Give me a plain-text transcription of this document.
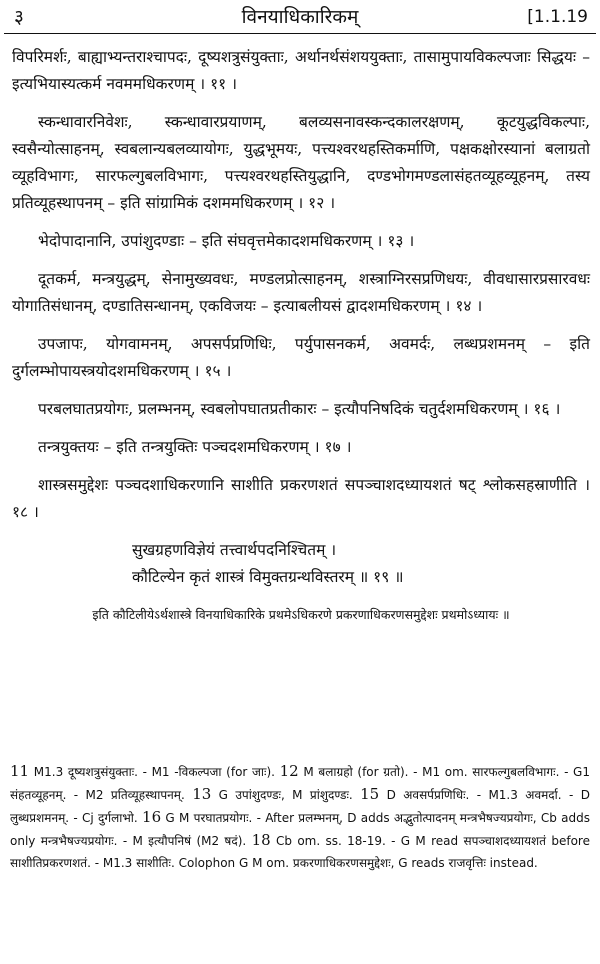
३	विनयाधिकारिकम्	[1.1.19

विपरिमर्शः, बाह्याभ्यन्तराश्चापदः, दूष्यशत्रुसंयुक्ताः, अर्थानर्थसंशययुक्ताः, तासामुपायविकल्पजाः सिद्धयः – इत्यभियास्यत्कर्म नवममधिकरणम् । ११ ।

स्कन्धावारनिवेशः, स्कन्धावारप्रयाणम्, बलव्यसनावस्कन्दकालरक्षणम्, कूटयुद्धविकल्पाः, स्वसैन्योत्साहनम्, स्वबलान्यबलव्यायोगः, युद्धभूमयः, पत्त्यश्वरथहस्तिकर्माणि, पक्षकक्षोरस्यानां बलाग्रतो व्यूहविभागः, सारफल्गुबलविभागः, पत्त्यश्वरथहस्तियुद्धानि, दण्डभोगमण्डलासंहतव्यूहव्यूहनम्, तस्य प्रतिव्यूहस्थापनम् – इति सांग्रामिकं दशममधिकरणम् । १२ ।

भेदोपादानानि, उपांशुदण्डाः – इति संघवृत्तमेकादशमधिकरणम् । १३ ।

दूतकर्म, मन्त्रयुद्धम्, सेनामुख्यवधः, मण्डलप्रोत्साहनम्, शस्त्राग्निरसप्रणिधयः, वीवधासारप्रसारवधः योगातिसंधानम्, दण्डातिसन्धानम्, एकविजयः – इत्याबलीयसं द्वादशमधिकरणम् । १४ ।

उपजापः, योगवामनम्, अपसर्पप्रणिधिः, पर्युपासनकर्म, अवमर्दः, लब्धप्रशमनम् – इति दुर्गलम्भोपायस्त्रयोदशमधिकरणम् । १५ ।

परबलघातप्रयोगः, प्रलम्भनम्, स्वबलोपघातप्रतीकारः – इत्यौपनिषदिकं चतुर्दशमधिकरणम् । १६ ।

तन्त्रयुक्तयः – इति तन्त्रयुक्तिः पञ्चदशमधिकरणम् । १७ ।

शास्त्रसमुद्देशः पञ्चदशाधिकरणानि साशीति प्रकरणशतं सपञ्चाशदध्यायशतं षट् श्लोकसहस्राणीति । १८ ।

सुखग्रहणविज्ञेयं तत्त्वार्थपदनिश्चितम् ।
कौटिल्येन कृतं शास्त्रं विमुक्तग्रन्थविस्तरम् ॥ १९ ॥
इति कौटिलीयेऽर्थशास्त्रे विनयाधिकारिके प्रथमेऽधिकरणे प्रकरणाधिकरणसमुद्देशः प्रथमोऽध्यायः ॥

11 M1.3 दूष्यशत्रुसंयुक्ताः. - M1 -विकल्पजा (for जाः). 12 M बलाग्रहो (for ग्रतो). - M1 om. सारफल्गुबलविभागः. - G1 संहतव्यूहनम्. - M2 प्रतिव्यूहस्थापनम्. 13 G उपांशुदण्डः, M प्रांशुदण्डः. 15 D अवसर्पप्रणिधिः. - M1.3 अवमर्दा. - D लुब्धप्रशमनम्. - Cj दुर्गलाभो. 16 G M परघातप्रयोगः. - After प्रलम्भनम्, D adds अद्भुतोत्पादनम् मन्त्रभैषज्यप्रयोगः, Cb adds only मन्त्रभैषज्यप्रयोगः. - M इत्यौपनिषं (M2 षदं). 18 Cb om. ss. 18-19. - G M read सपञ्चाशदध्यायशतं before साशीतिप्रकरणशतं. - M1.3 साशीतिः. Colophon G M om. प्रकरणाधिकरणसमुद्देशः, G reads राजवृत्तिः instead.
